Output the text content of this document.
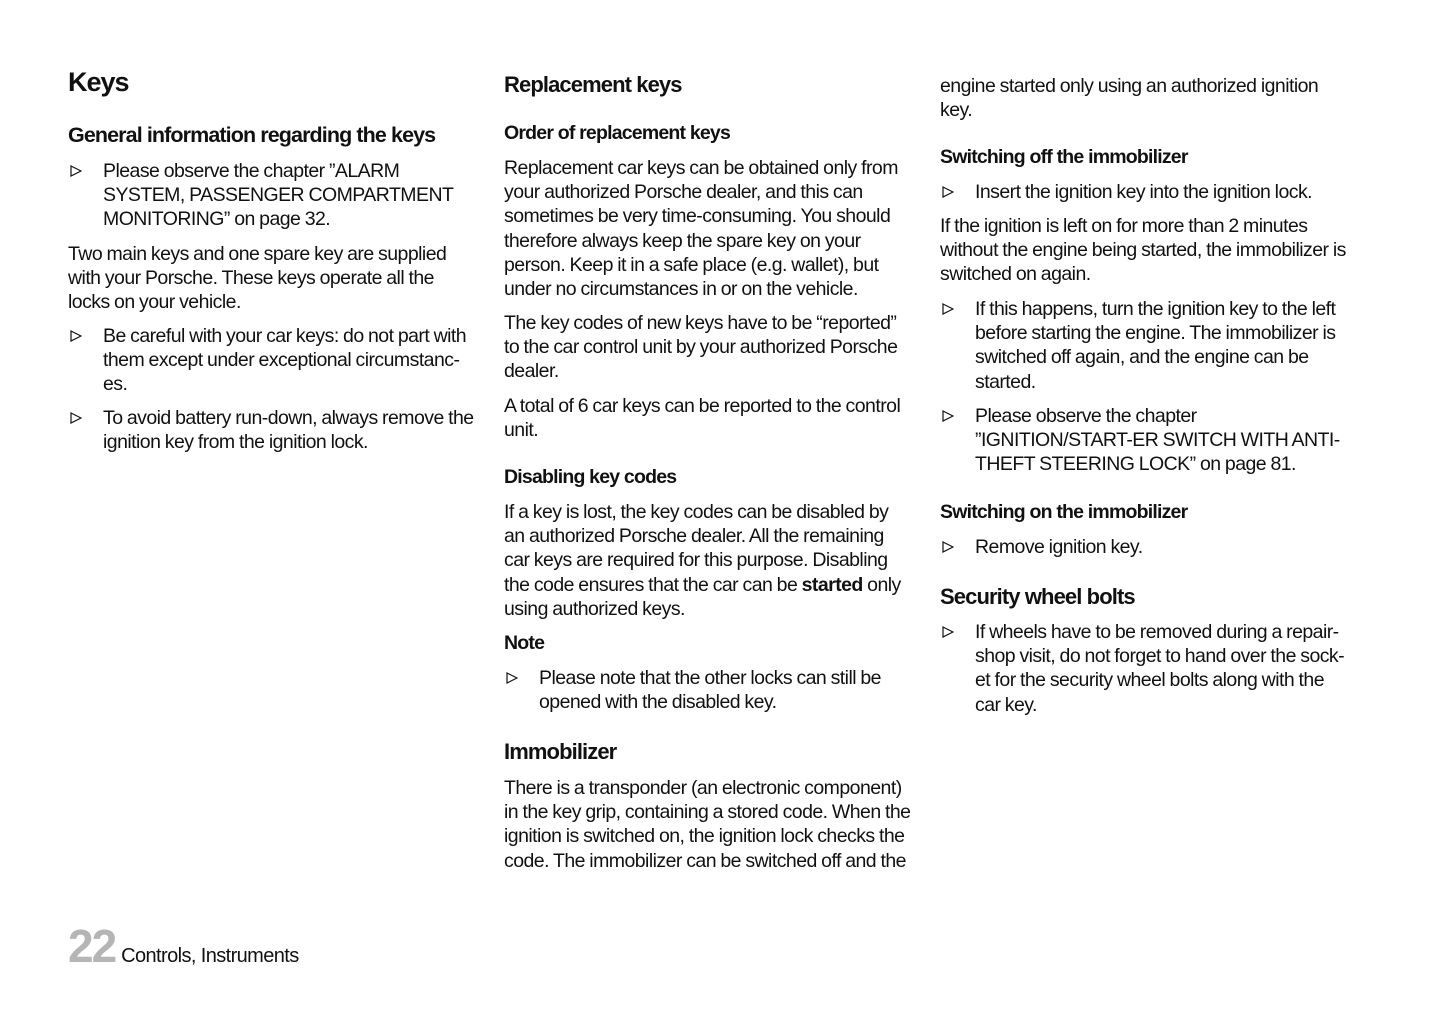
Keys
General information regarding the keys
Please observe the chapter ”ALARM SYSTEM, PASSENGER COMPARTMENT MONITORING” on page 32.

Two main keys and one spare key are supplied with your Porsche. These keys operate all the locks on your vehicle.

Be careful with your car keys: do not part with them except under exceptional circumstanc-es.
To avoid battery run-down, always remove the ignition key from the ignition lock.
Replacement keys
Order of replacement keys

Replacement car keys can be obtained only from your authorized Porsche dealer, and this can sometimes be very time-consuming. You should therefore always keep the spare key on your person. Keep it in a safe place (e.g. wallet), but under no circumstances in or on the vehicle.

The key codes of new keys have to be “reported” to the car control unit by your authorized Porsche dealer.

A total of 6 car keys can be reported to the control unit.

Disabling key codes

If a key is lost, the key codes can be disabled by an authorized Porsche dealer. All the remaining car keys are required for this purpose. Disabling the code ensures that the car can be started only using authorized keys.

Note
Please note that the other locks can still be opened with the disabled key.
Immobilizer

There is a transponder (an electronic component) in the key grip, containing a stored code. When the ignition is switched on, the ignition lock checks the code. The immobilizer can be switched off and the

engine started only using an authorized ignition key.

Switching off the immobilizer
Insert the ignition key into the ignition lock.

If the ignition is left on for more than 2 minutes without the engine being started, the immobilizer is switched on again.

If this happens, turn the ignition key to the left before starting the engine. The immobilizer is switched off again, and the engine can be started.
Please observe the chapter ”IGNITION/START-ER SWITCH WITH ANTI-THEFT STEERING LOCK” on page 81.
Switching on the immobilizer
Remove ignition key.
Security wheel bolts
If wheels have to be removed during a repair-shop visit, do not forget to hand over the sock-et for the security wheel bolts along with the car key.
22 Controls, Instruments
